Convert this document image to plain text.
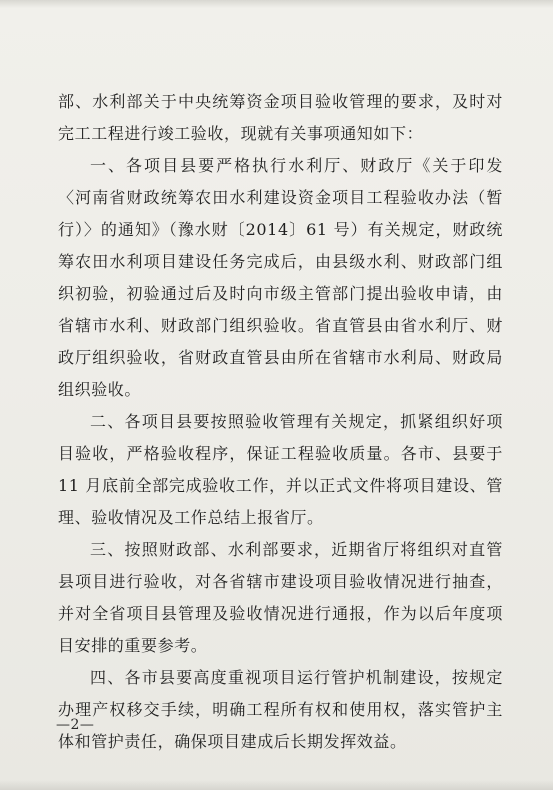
部、水利部关于中央统筹资金项目验收管理的要求，及时对完工工程进行竣工验收，现就有关事项通知如下：

一、各项目县要严格执行水利厅、财政厅《关于印发〈河南省财政统筹农田水利建设资金项目工程验收办法（暂行）〉的通知》（豫水财〔2014〕61 号）有关规定，财政统筹农田水利项目建设任务完成后，由县级水利、财政部门组织初验，初验通过后及时向市级主管部门提出验收申请，由省辖市水利、财政部门组织验收。省直管县由省水利厅、财政厅组织验收，省财政直管县由所在省辖市水利局、财政局组织验收。

二、各项目县要按照验收管理有关规定，抓紧组织好项目验收，严格验收程序，保证工程验收质量。各市、县要于 11 月底前全部完成验收工作，并以正式文件将项目建设、管理、验收情况及工作总结上报省厅。

三、按照财政部、水利部要求，近期省厅将组织对直管县项目进行验收，对各省辖市建设项目验收情况进行抽查，并对全省项目县管理及验收情况进行通报，作为以后年度项目安排的重要参考。

四、各市县要高度重视项目运行管护机制建设，按规定办理产权移交手续，明确工程所有权和使用权，落实管护主体和管护责任，确保项目建成后长期发挥效益。

—2—
